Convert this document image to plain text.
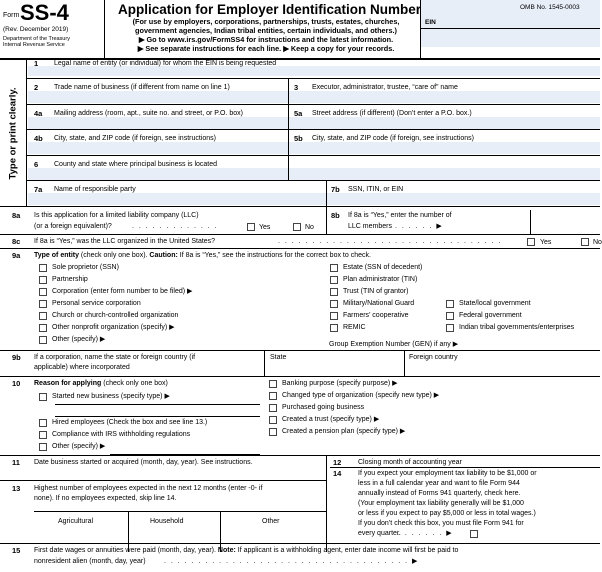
Form SS-4
(Rev. December 2019)
Department of the Treasury
Internal Revenue Service
Application for Employer Identification Number
(For use by employers, corporations, partnerships, trusts, estates, churches,
government agencies, Indian tribal entities, certain individuals, and others.)
▶ Go to www.irs.gov/FormSS4 for instructions and the latest information.
▶ See separate instructions for each line. ▶ Keep a copy for your records.
OMB No. 1545-0003
EIN
Type or print clearly.
1 Legal name of entity (or individual) for whom the EIN is being requested
2 Trade name of business (if different from name on line 1)	3 Executor, administrator, trustee, “care of” name
4a Mailing address (room, apt., suite no. and street, or P.O. box)	5a Street address (if different) (Don’t enter a P.O. box.)
4b City, state, and ZIP code (if foreign, see instructions)	5b City, state, and ZIP code (if foreign, see instructions)
6 County and state where principal business is located
7a Name of responsible party	7b SSN, ITIN, or EIN
8a Is this application for a limited liability company (LLC)
(or a foreign equivalent)?	. . . . . . . . . . . . .	Yes	No
8b If 8a is “Yes,” enter the number of
LLC members . . . . . . ▶
8c If 8a is “Yes,” was the LLC organized in the United States?	. . . . . . . . . . . . . . . . . . . . . . . . . . . . . . . . .	Yes	No
9a Type of entity (check only one box). Caution: If 8a is “Yes,” see the instructions for the correct box to check.
Sole proprietor (SSN)
Partnership
Corporation (enter form number to be filed) ▶
Personal service corporation
Church or church-controlled organization
Other nonprofit organization (specify) ▶
Other (specify) ▶
Estate (SSN of decedent)
Plan administrator (TIN)
Trust (TIN of grantor)
Military/National Guard
Farmers’ cooperative
REMIC
State/local government
Federal government
Indian tribal governments/enterprises
Group Exemption Number (GEN) if any ▶
9b If a corporation, name the state or foreign country (if
applicable) where incorporated
State	Foreign country
10 Reason for applying (check only one box)
Started new business (specify type) ▶
Hired employees (Check the box and see line 13.)
Compliance with IRS withholding regulations
Other (specify) ▶
Banking purpose (specify purpose) ▶
Changed type of organization (specify new type) ▶
Purchased going business
Created a trust (specify type) ▶
Created a pension plan (specify type) ▶
11 Date business started or acquired (month, day, year). See instructions.	12 Closing month of accounting year
13 Highest number of employees expected in the next 12 months (enter -0- if
none). If no employees expected, skip line 14.
Agricultural	Household	Other
14 If you expect your employment tax liability to be $1,000 or
less in a full calendar year and want to file Form 944
annually instead of Forms 941 quarterly, check here.
(Your employment tax liability generally will be $1,000
or less if you expect to pay $5,000 or less in total wages.)
If you don’t check this box, you must file Form 941 for
every quarter.
. . . . . . . ▶
15 First date wages or annuities were paid (month, day, year). Note: If applicant is a withholding agent, enter date income will first be paid to
nonresident alien (month, day, year)	. . . . . . . . . . . . . . . . . . . . . . . . . . . . . . . . . . . . ▶
